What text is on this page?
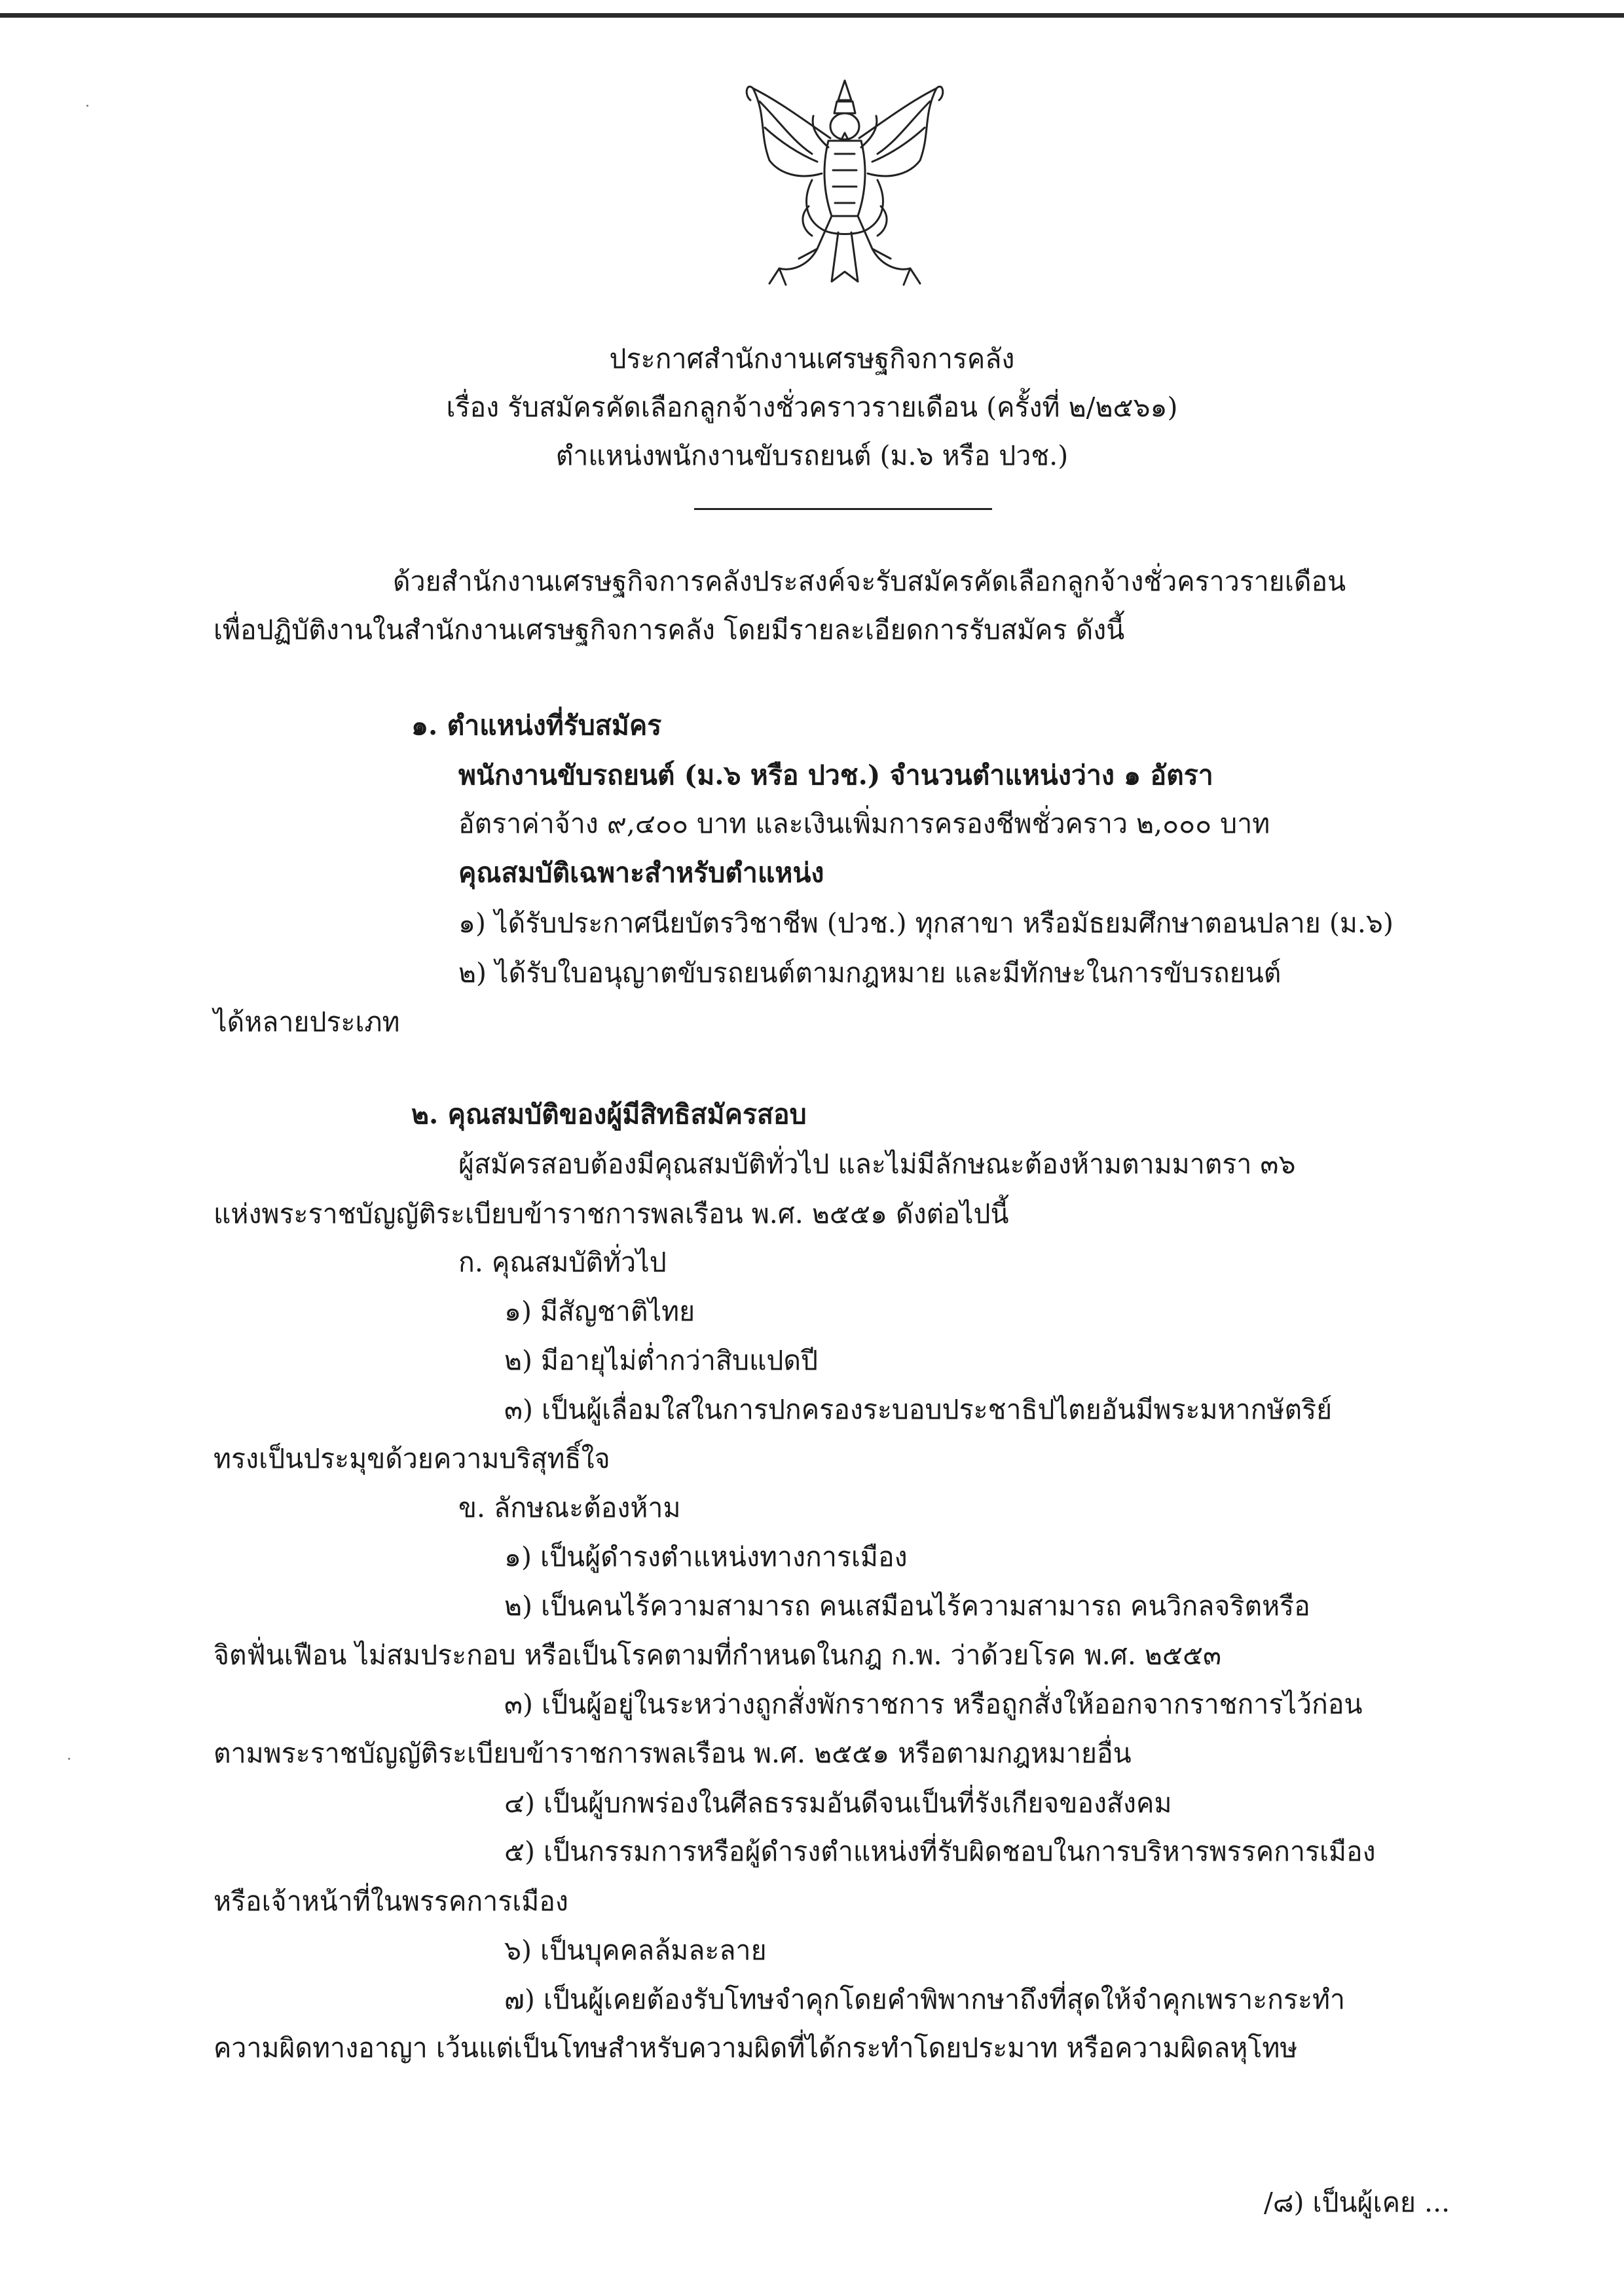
ประกาศสำนักงานเศรษฐกิจการคลัง
เรื่อง รับสมัครคัดเลือกลูกจ้างชั่วคราวรายเดือน (ครั้งที่ ๒/๒๕๖๑)
ตำแหน่งพนักงานขับรถยนต์ (ม.๖ หรือ ปวช.)
ด้วยสำนักงานเศรษฐกิจการคลังประสงค์จะรับสมัครคัดเลือกลูกจ้างชั่วคราวรายเดือน
เพื่อปฏิบัติงานในสำนักงานเศรษฐกิจการคลัง โดยมีรายละเอียดการรับสมัคร ดังนี้
๑. ตำแหน่งที่รับสมัคร
พนักงานขับรถยนต์ (ม.๖ หรือ ปวช.) จำนวนตำแหน่งว่าง ๑ อัตรา
อัตราค่าจ้าง ๙,๔๐๐ บาท และเงินเพิ่มการครองชีพชั่วคราว ๒,๐๐๐ บาท
คุณสมบัติเฉพาะสำหรับตำแหน่ง
๑) ได้รับประกาศนียบัตรวิชาชีพ (ปวช.) ทุกสาขา หรือมัธยมศึกษาตอนปลาย (ม.๖)
๒) ได้รับใบอนุญาตขับรถยนต์ตามกฎหมาย และมีทักษะในการขับรถยนต์
ได้หลายประเภท
๒. คุณสมบัติของผู้มีสิทธิสมัครสอบ
ผู้สมัครสอบต้องมีคุณสมบัติทั่วไป และไม่มีลักษณะต้องห้ามตามมาตรา ๓๖
แห่งพระราชบัญญัติระเบียบข้าราชการพลเรือน พ.ศ. ๒๕๕๑ ดังต่อไปนี้
ก. คุณสมบัติทั่วไป
๑) มีสัญชาติไทย
๒) มีอายุไม่ต่ำกว่าสิบแปดปี
๓) เป็นผู้เลื่อมใสในการปกครองระบอบประชาธิปไตยอันมีพระมหากษัตริย์
ทรงเป็นประมุขด้วยความบริสุทธิ์ใจ
ข. ลักษณะต้องห้าม
๑) เป็นผู้ดำรงตำแหน่งทางการเมือง
๒) เป็นคนไร้ความสามารถ คนเสมือนไร้ความสามารถ คนวิกลจริตหรือ
จิตฟั่นเฟือน ไม่สมประกอบ หรือเป็นโรคตามที่กำหนดในกฎ ก.พ. ว่าด้วยโรค พ.ศ. ๒๕๕๓
๓) เป็นผู้อยู่ในระหว่างถูกสั่งพักราชการ หรือถูกสั่งให้ออกจากราชการไว้ก่อน
ตามพระราชบัญญัติระเบียบข้าราชการพลเรือน พ.ศ. ๒๕๕๑ หรือตามกฎหมายอื่น
๔) เป็นผู้บกพร่องในศีลธรรมอันดีจนเป็นที่รังเกียจของสังคม
๕) เป็นกรรมการหรือผู้ดำรงตำแหน่งที่รับผิดชอบในการบริหารพรรคการเมือง
หรือเจ้าหน้าที่ในพรรคการเมือง
๖) เป็นบุคคลล้มละลาย
๗) เป็นผู้เคยต้องรับโทษจำคุกโดยคำพิพากษาถึงที่สุดให้จำคุกเพราะกระทำ
ความผิดทางอาญา เว้นแต่เป็นโทษสำหรับความผิดที่ได้กระทำโดยประมาท หรือความผิดลหุโทษ
/๘) เป็นผู้เคย ...
